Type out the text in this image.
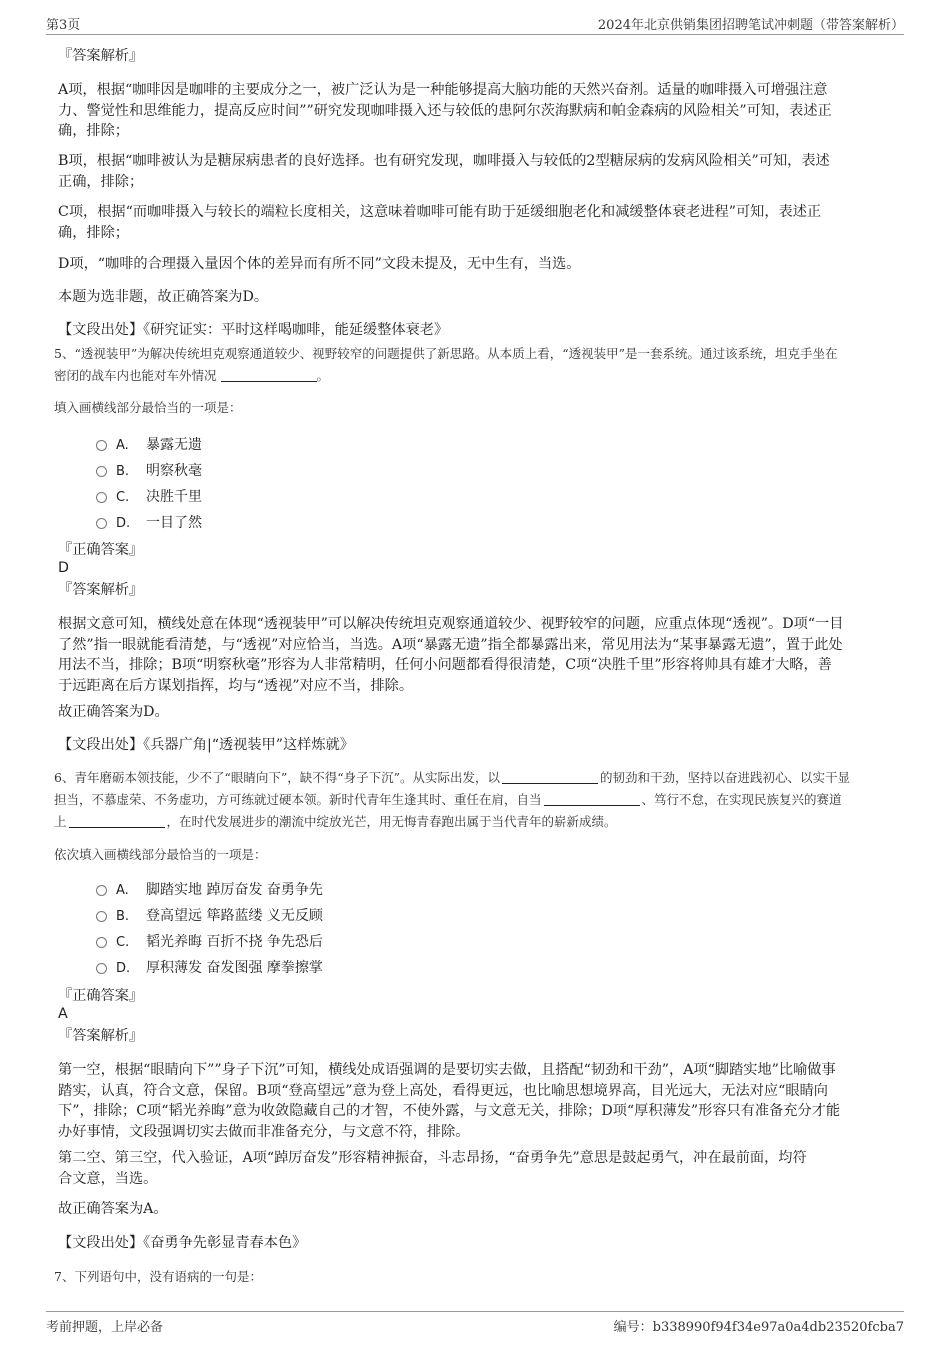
第3页	2024年北京供销集团招聘笔试冲刺题（带答案解析）
『答案解析』
A项，根据“咖啡因是咖啡的主要成分之一，被广泛认为是一种能够提高大脑功能的天然兴奋剂。适量的咖啡摄入可增强注意
力、警觉性和思维能力，提高反应时间””研究发现咖啡摄入还与较低的患阿尔茨海默病和帕金森病的风险相关”可知，表述正
确，排除；
B项，根据“咖啡被认为是糖尿病患者的良好选择。也有研究发现，咖啡摄入与较低的2型糖尿病的发病风险相关”可知，表述
正确，排除；
C项，根据“而咖啡摄入与较长的端粒长度相关，这意味着咖啡可能有助于延缓细胞老化和减缓整体衰老进程”可知，表述正
确，排除；
D项，“咖啡的合理摄入量因个体的差异而有所不同”文段未提及，无中生有，当选。
本题为选非题，故正确答案为D。
【文段出处】《研究证实：平时这样喝咖啡，能延缓整体衰老》
5、“透视装甲”为解决传统坦克观察通道较少、视野较窄的问题提供了新思路。从本质上看，“透视装甲”是一套系统。通过该系统，坦克手坐在
密闭的战车内也能对车外情况	。
填入画横线部分最恰当的一项是：
A. 暴露无遗
B. 明察秋毫
C. 决胜千里
D. 一目了然
『正确答案』
D
『答案解析』
根据文意可知，横线处意在体现“透视装甲”可以解决传统坦克观察通道较少、视野较窄的问题，应重点体现“透视”。D项“一目
了然”指一眼就能看清楚，与“透视”对应恰当，当选。A项“暴露无遗”指全都暴露出来，常见用法为“某事暴露无遗”，置于此处
用法不当，排除；B项“明察秋毫”形容为人非常精明，任何小问题都看得很清楚，C项“决胜千里”形容将帅具有雄才大略，善
于远距离在后方谋划指挥，均与“透视”对应不当，排除。
故正确答案为D。
【文段出处】《兵器广角|“透视装甲”这样炼就》
6、青年磨砺本领技能，少不了“眼睛向下”，缺不得“身子下沉”。从实际出发，以	的韧劲和干劲，坚持以奋进践初心、以实干显
担当，不慕虚荣、不务虚功，方可练就过硬本领。新时代青年生逢其时、重任在肩，自当	、笃行不怠，在实现民族复兴的赛道
上	，在时代发展进步的潮流中绽放光芒，用无悔青春跑出属于当代青年的崭新成绩。
依次填入画横线部分最恰当的一项是：
A. 脚踏实地 踔厉奋发 奋勇争先
B. 登高望远 筚路蓝缕 义无反顾
C. 韬光养晦 百折不挠 争先恐后
D. 厚积薄发 奋发图强 摩拳擦掌
『正确答案』
A
『答案解析』
第一空，根据“眼睛向下””身子下沉”可知，横线处成语强调的是要切实去做，且搭配“韧劲和干劲”，A项“脚踏实地”比喻做事
踏实，认真，符合文意，保留。B项“登高望远”意为登上高处，看得更远，也比喻思想境界高，目光远大，无法对应“眼睛向
下”，排除；C项“韬光养晦”意为收敛隐藏自己的才智，不使外露，与文意无关，排除；D项“厚积薄发”形容只有准备充分才能
办好事情，文段强调切实去做而非准备充分，与文意不符，排除。
第二空、第三空，代入验证，A项“踔厉奋发”形容精神振奋，斗志昂扬，“奋勇争先”意思是鼓起勇气，冲在最前面，均符
合文意，当选。
故正确答案为A。
【文段出处】《奋勇争先彰显青春本色》
7、下列语句中，没有语病的一句是：
考前押题，上岸必备	编号：b338990f94f34e97a0a4db23520fcba7
